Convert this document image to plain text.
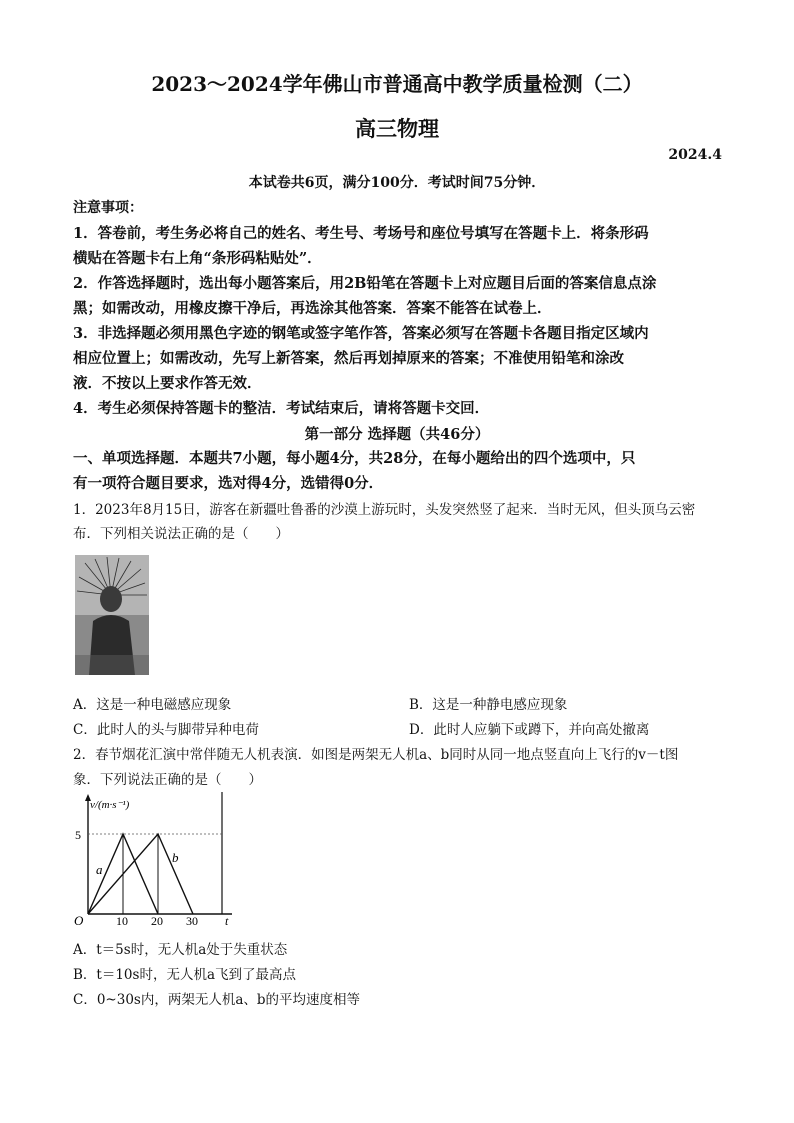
2023～2024学年佛山市普通高中教学质量检测（二）
高三物理
2024.4
本试卷共6页，满分100分．考试时间75分钟．
注意事项：
1．答卷前，考生务必将自己的姓名、考生号、考场号和座位号填写在答题卡上．将条形码
横贴在答题卡右上角“条形码粘贴处”．
2．作答选择题时，选出每小题答案后，用2B铅笔在答题卡上对应题目后面的答案信息点涂
黑；如需改动，用橡皮擦干净后，再选涂其他答案．答案不能答在试卷上．
3．非选择题必须用黑色字迹的钢笔或签字笔作答，答案必须写在答题卡各题目指定区域内
相应位置上；如需改动，先写上新答案，然后再划掉原来的答案；不准使用铅笔和涂改
液．不按以上要求作答无效．
4．考生必须保持答题卡的整洁．考试结束后，请将答题卡交回．
第一部分 选择题（共46分）
一、单项选择题．本题共7小题，每小题4分，共28分，在每小题给出的四个选项中，只
有一项符合题目要求，选对得4分，选错得0分．
1．2023年8月15日，游客在新疆吐鲁番的沙漠上游玩时，头发突然竖了起来．当时无风，但头顶乌云密
布．下列相关说法正确的是（　　）
A．这是一种电磁感应现象	B．这是一种静电感应现象
C．此时人的头与脚带异种电荷	D．此时人应躺下或蹲下，并向高处撤离
2．春节烟花汇演中常伴随无人机表演．如图是两架无人机a、b同时从同一地点竖直向上飞行的v－t图
象．下列说法正确的是（　　）
10 20 30
v/(m·s⁻¹)
5
O	t
a
b
A．t＝5s时，无人机a处于失重状态
B．t＝10s时，无人机a飞到了最高点
C．0~30s内，两架无人机a、b的平均速度相等
